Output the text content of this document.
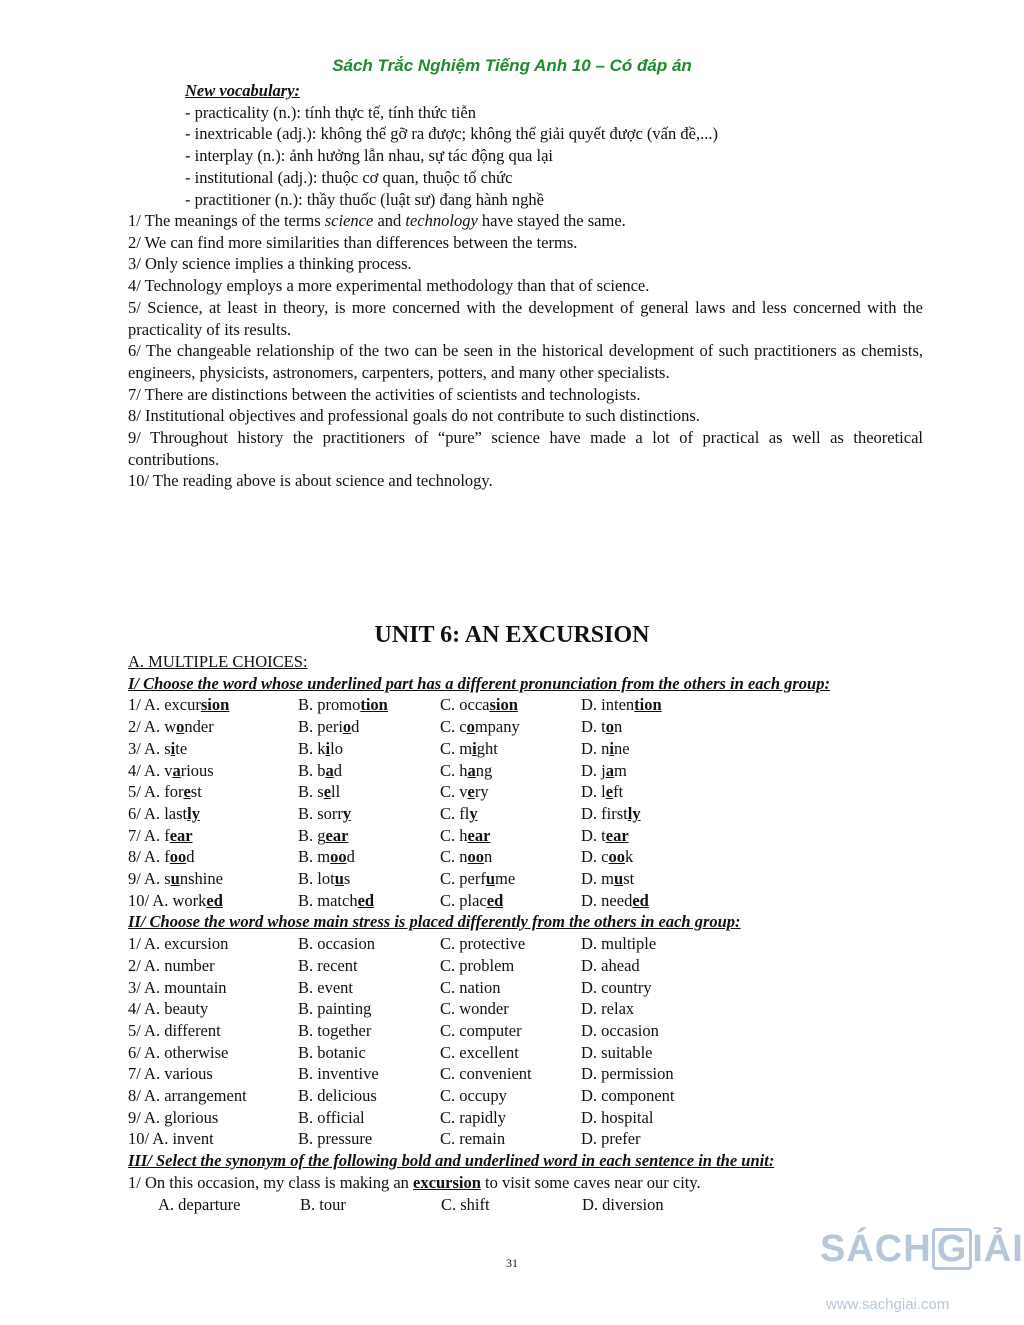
Sách Trắc Nghiệm Tiếng Anh 10 – Có đáp án
New vocabulary:
- practicality (n.): tính thực tế, tính thức tiễn
- inextricable (adj.): không thể gỡ ra được; không thể giải quyết được (vấn đề,...)
- interplay (n.): ảnh hưởng lẫn nhau, sự tác động qua lại
- institutional (adj.): thuộc cơ quan, thuộc tổ chức
- practitioner (n.): thầy thuốc (luật sư) đang hành nghề
1/ The meanings of the terms science and technology have stayed the same.
2/ We can find more similarities than differences between the terms.
3/ Only science implies a thinking process.
4/ Technology employs a more experimental methodology than that of science.
5/ Science, at least in theory, is more concerned with the development of general laws and less concerned with the practicality of its results.
6/ The changeable relationship of the two can be seen in the historical development of such practitioners as chemists, engineers, physicists, astronomers, carpenters, potters, and many other specialists.
7/ There are distinctions between the activities of scientists and technologists.
8/ Institutional objectives and professional goals do not contribute to such distinctions.
9/ Throughout history the practitioners of “pure” science have made a lot of practical as well as theoretical contributions.
10/ The reading above is about science and technology.
UNIT 6: AN EXCURSION
A. MULTIPLE CHOICES:
I/ Choose the word whose underlined part has a different pronunciation from the others in each group:
1/ A. excursion	B. promotion	C. occasion	D. intention
2/ A. wonder	B. period	C. company	D. ton
3/ A. site	B. kilo	C. might	D. nine
4/ A. various	B. bad	C. hang	D. jam
5/ A. forest	B. sell	C. very	D. left
6/ A. lastly	B. sorry	C. fly	D. firstly
7/ A. fear	B. gear	C. hear	D. tear
8/ A. food	B. mood	C. noon	D. cook
9/ A. sunshine	B. lotus	C. perfume	D. must
10/ A. worked	B. matched	C. placed	D. needed
II/ Choose the word whose main stress is placed differently from the others in each group:
1/ A. excursion	B. occasion	C. protective	D. multiple
2/ A. number	B. recent	C. problem	D. ahead
3/ A. mountain	B. event	C. nation	D. country
4/ A. beauty	B. painting	C. wonder	D. relax
5/ A. different	B. together	C. computer	D. occasion
6/ A. otherwise	B. botanic	C. excellent	D. suitable
7/ A. various	B. inventive	C. convenient	D. permission
8/ A. arrangement	B. delicious	C. occupy	D. component
9/ A. glorious	B. official	C. rapidly	D. hospital
10/ A. invent	B. pressure	C. remain	D. prefer
III/ Select the synonym of the following bold and underlined word in each sentence in the unit:
1/ On this occasion, my class is making an excursion to visit some caves near our city.
A. departure	B. tour	C. shift	D. diversion
31	SÁCH G IẢI
www.sachgiai.com
